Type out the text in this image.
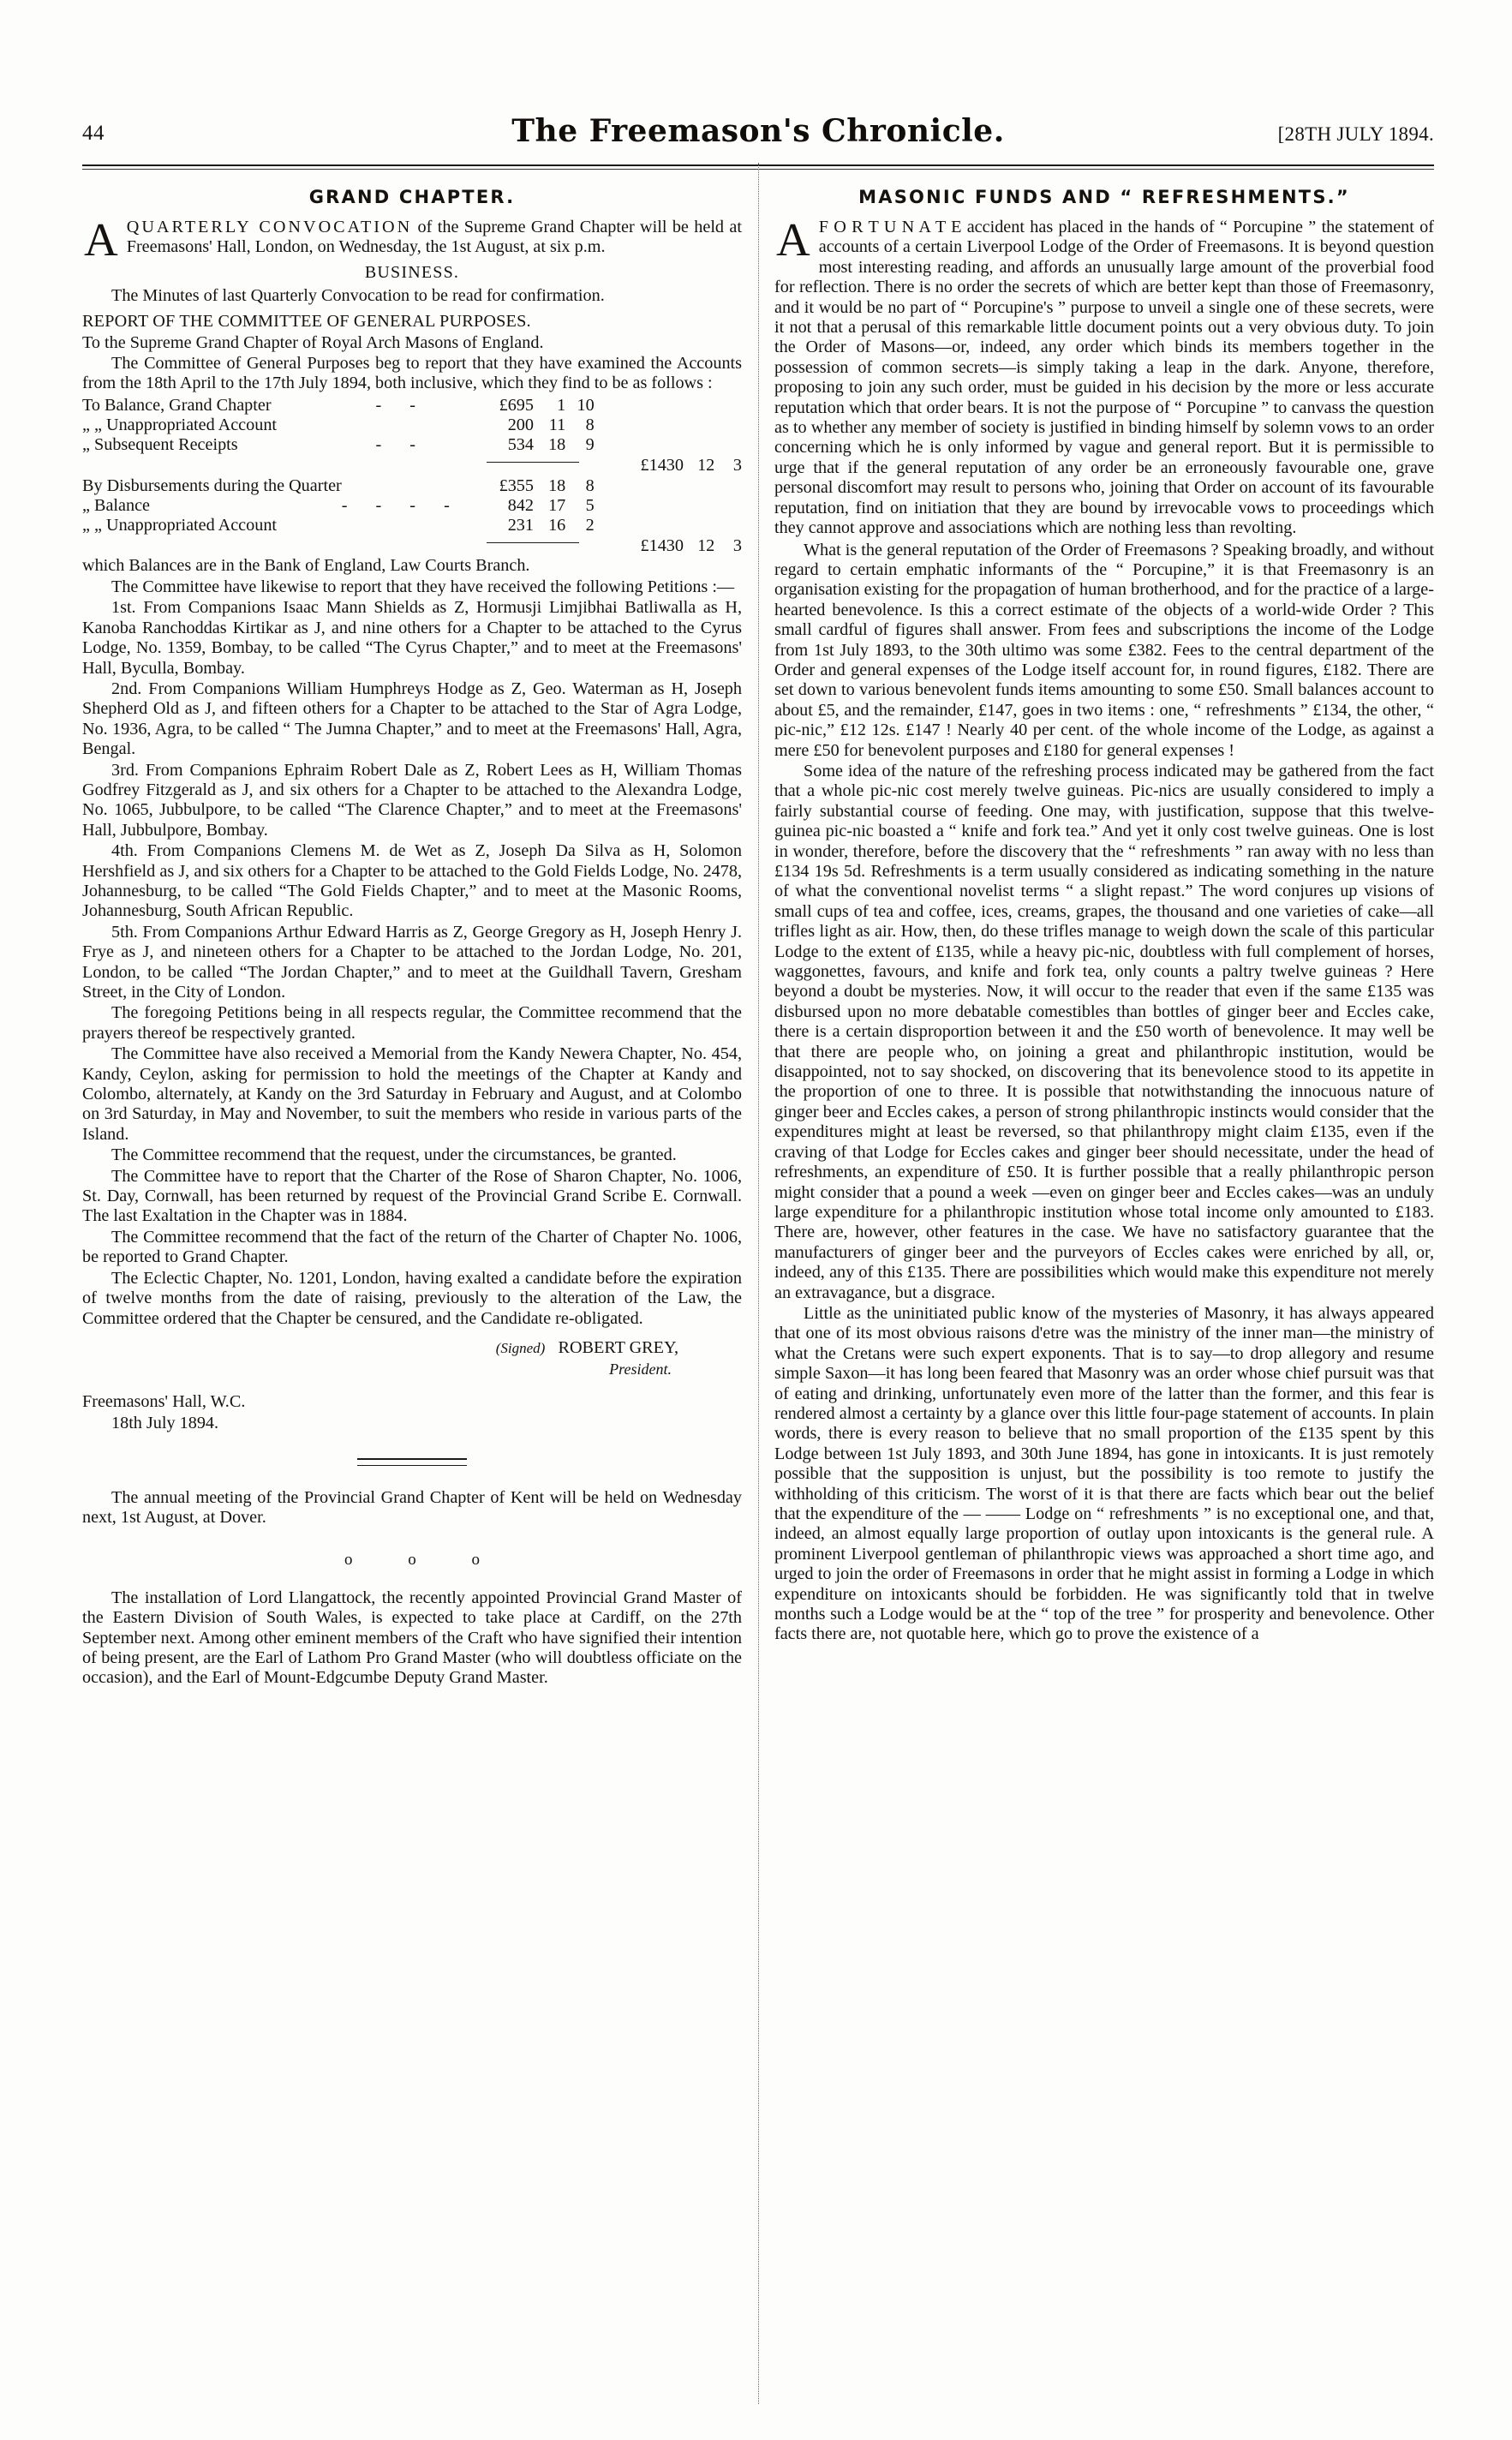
44	The Freemason's Chronicle.	[28TH JULY 1894.
GRAND CHAPTER.
AQUARTERLY CONVOCATION of the Supreme Grand Chapter will be held at Freemasons' Hall, London, on Wednesday, the 1st August, at six p.m.
BUSINESS.

The Minutes of last Quarterly Convocation to be read for confirmation.

REPORT OF THE COMMITTEE OF GENERAL PURPOSES.

To the Supreme Grand Chapter of Royal Arch Masons of England.

The Committee of General Purposes beg to report that they have examined the Accounts from the 18th April to the 17th July 1894, both inclusive, which they find to be as follows :

To Balance, Grand Chapter	- -	£695	1	10			
„ „ Unappropriated Account		200	11	8			
„ Subsequent Receipts	- -	534	18	9			
					£1430	12	3
By Disbursements during the Quarter		£355	18	8			
„ Balance	- - - -	842	17	5			
„ „ Unappropriated Account		231	16	2			
					£1430	12	3

which Balances are in the Bank of England, Law Courts Branch.

The Committee have likewise to report that they have received the following Petitions :—

1st. From Companions Isaac Mann Shields as Z, Hormusji Limjibhai Batliwalla as H, Kanoba Ranchoddas Kirtikar as J, and nine others for a Chapter to be attached to the Cyrus Lodge, No. 1359, Bombay, to be called “The Cyrus Chapter,” and to meet at the Freemasons' Hall, Byculla, Bombay.

2nd. From Companions William Humphreys Hodge as Z, Geo. Waterman as H, Joseph Shepherd Old as J, and fifteen others for a Chapter to be attached to the Star of Agra Lodge, No. 1936, Agra, to be called “ The Jumna Chapter,” and to meet at the Freemasons' Hall, Agra, Bengal.

3rd. From Companions Ephraim Robert Dale as Z, Robert Lees as H, William Thomas Godfrey Fitzgerald as J, and six others for a Chapter to be attached to the Alexandra Lodge, No. 1065, Jubbulpore, to be called “The Clarence Chapter,” and to meet at the Freemasons' Hall, Jubbulpore, Bombay.

4th. From Companions Clemens M. de Wet as Z, Joseph Da Silva as H, Solomon Hershfield as J, and six others for a Chapter to be attached to the Gold Fields Lodge, No. 2478, Johannesburg, to be called “The Gold Fields Chapter,” and to meet at the Masonic Rooms, Johannesburg, South African Republic.

5th. From Companions Arthur Edward Harris as Z, George Gregory as H, Joseph Henry J. Frye as J, and nineteen others for a Chapter to be attached to the Jordan Lodge, No. 201, London, to be called “The Jordan Chapter,” and to meet at the Guildhall Tavern, Gresham Street, in the City of London.

The foregoing Petitions being in all respects regular, the Committee recommend that the prayers thereof be respectively granted.

The Committee have also received a Memorial from the Kandy Newera Chapter, No. 454, Kandy, Ceylon, asking for permission to hold the meetings of the Chapter at Kandy and Colombo, alternately, at Kandy on the 3rd Saturday in February and August, and at Colombo on 3rd Saturday, in May and November, to suit the members who reside in various parts of the Island.

The Committee recommend that the request, under the circumstances, be granted.

The Committee have to report that the Charter of the Rose of Sharon Chapter, No. 1006, St. Day, Cornwall, has been returned by request of the Provincial Grand Scribe E. Cornwall. The last Exaltation in the Chapter was in 1884.

The Committee recommend that the fact of the return of the Charter of Chapter No. 1006, be reported to Grand Chapter.

The Eclectic Chapter, No. 1201, London, having exalted a candidate before the expiration of twelve months from the date of raising, previously to the alteration of the Law, the Committee ordered that the Chapter be censured, and the Candidate re-obligated.

(Signed) ROBERT GREY,
President.
Freemasons' Hall, W.C.
18th July 1894.

The annual meeting of the Provincial Grand Chapter of Kent will be held on Wednesday next, 1st August, at Dover.

o o o

The installation of Lord Llangattock, the recently appointed Provincial Grand Master of the Eastern Division of South Wales, is expected to take place at Cardiff, on the 27th September next. Among other eminent members of the Craft who have signified their intention of being present, are the Earl of Lathom Pro Grand Master (who will doubtless officiate on the occasion), and the Earl of Mount-Edgcumbe Deputy Grand Master.

MASONIC FUNDS AND “ REFRESHMENTS.”
A F O R T U N A T E accident has placed in the hands of “ Porcupine ” the statement of accounts of a certain Liverpool Lodge of the Order of Freemasons. It is beyond question most interesting reading, and affords an unusually large amount of the proverbial food for reflection. There is no order the secrets of which are better kept than those of Freemasonry, and it would be no part of “ Porcupine's ” purpose to unveil a single one of these secrets, were it not that a perusal of this remarkable little document points out a very obvious duty. To join the Order of Masons—or, indeed, any order which binds its members together in the possession of common secrets—is simply taking a leap in the dark. Anyone, therefore, proposing to join any such order, must be guided in his decision by the more or less accurate reputation which that order bears. It is not the purpose of “ Porcupine ” to canvass the question as to whether any member of society is justified in binding himself by solemn vows to an order concerning which he is only informed by vague and general report. But it is permissible to urge that if the general reputation of any order be an erroneously favourable one, grave personal discomfort may result to persons who, joining that Order on account of its favourable reputation, find on initiation that they are bound by irrevocable vows to proceedings which they cannot approve and associations which are nothing less than revolting.

What is the general reputation of the Order of Freemasons ? Speaking broadly, and without regard to certain emphatic informants of the “ Porcupine,” it is that Freemasonry is an organisation existing for the propagation of human brotherhood, and for the practice of a large-hearted benevolence. Is this a correct estimate of the objects of a world-wide Order ? This small cardful of figures shall answer. From fees and subscriptions the income of the Lodge from 1st July 1893, to the 30th ultimo was some £382. Fees to the central department of the Order and general expenses of the Lodge itself account for, in round figures, £182. There are set down to various benevolent funds items amounting to some £50. Small balances account to about £5, and the remainder, £147, goes in two items : one, “ refreshments ” £134, the other, “ pic-nic,” £12 12s. £147 ! Nearly 40 per cent. of the whole income of the Lodge, as against a mere £50 for benevolent purposes and £180 for general expenses !

Some idea of the nature of the refreshing process indicated may be gathered from the fact that a whole pic-nic cost merely twelve guineas. Pic-nics are usually considered to imply a fairly substantial course of feeding. One may, with justification, suppose that this twelve-guinea pic-nic boasted a “ knife and fork tea.” And yet it only cost twelve guineas. One is lost in wonder, therefore, before the discovery that the “ refreshments ” ran away with no less than £134 19s 5d. Refreshments is a term usually considered as indicating something in the nature of what the conventional novelist terms “ a slight repast.” The word conjures up visions of small cups of tea and coffee, ices, creams, grapes, the thousand and one varieties of cake—all trifles light as air. How, then, do these trifles manage to weigh down the scale of this particular Lodge to the extent of £135, while a heavy pic-nic, doubtless with full complement of horses, waggonettes, favours, and knife and fork tea, only counts a paltry twelve guineas ? Here beyond a doubt be mysteries. Now, it will occur to the reader that even if the same £135 was disbursed upon no more debatable comestibles than bottles of ginger beer and Eccles cake, there is a certain disproportion between it and the £50 worth of benevolence. It may well be that there are people who, on joining a great and philanthropic institution, would be disappointed, not to say shocked, on discovering that its benevolence stood to its appetite in the proportion of one to three. It is possible that notwithstanding the innocuous nature of ginger beer and Eccles cakes, a person of strong philanthropic instincts would consider that the expenditures might at least be reversed, so that philanthropy might claim £135, even if the craving of that Lodge for Eccles cakes and ginger beer should necessitate, under the head of refreshments, an expenditure of £50. It is further possible that a really philanthropic person might consider that a pound a week —even on ginger beer and Eccles cakes—was an unduly large expenditure for a philanthropic institution whose total income only amounted to £183. There are, however, other features in the case. We have no satisfactory guarantee that the manufacturers of ginger beer and the purveyors of Eccles cakes were enriched by all, or, indeed, any of this £135. There are possibilities which would make this expenditure not merely an extravagance, but a disgrace.

Little as the uninitiated public know of the mysteries of Masonry, it has always appeared that one of its most obvious raisons d'etre was the ministry of the inner man—the ministry of what the Cretans were such expert exponents. That is to say—to drop allegory and resume simple Saxon—it has long been feared that Masonry was an order whose chief pursuit was that of eating and drinking, unfortunately even more of the latter than the former, and this fear is rendered almost a certainty by a glance over this little four-page statement of accounts. In plain words, there is every reason to believe that no small proportion of the £135 spent by this Lodge between 1st July 1893, and 30th June 1894, has gone in intoxicants. It is just remotely possible that the supposition is unjust, but the possibility is too remote to justify the withholding of this criticism. The worst of it is that there are facts which bear out the belief that the expenditure of the — —— Lodge on “ refreshments ” is no exceptional one, and that, indeed, an almost equally large proportion of outlay upon intoxicants is the general rule. A prominent Liverpool gentleman of philanthropic views was approached a short time ago, and urged to join the order of Freemasons in order that he might assist in forming a Lodge in which expenditure on intoxicants should be forbidden. He was significantly told that in twelve months such a Lodge would be at the “ top of the tree ” for prosperity and benevolence. Other facts there are, not quotable here, which go to prove the existence of a
